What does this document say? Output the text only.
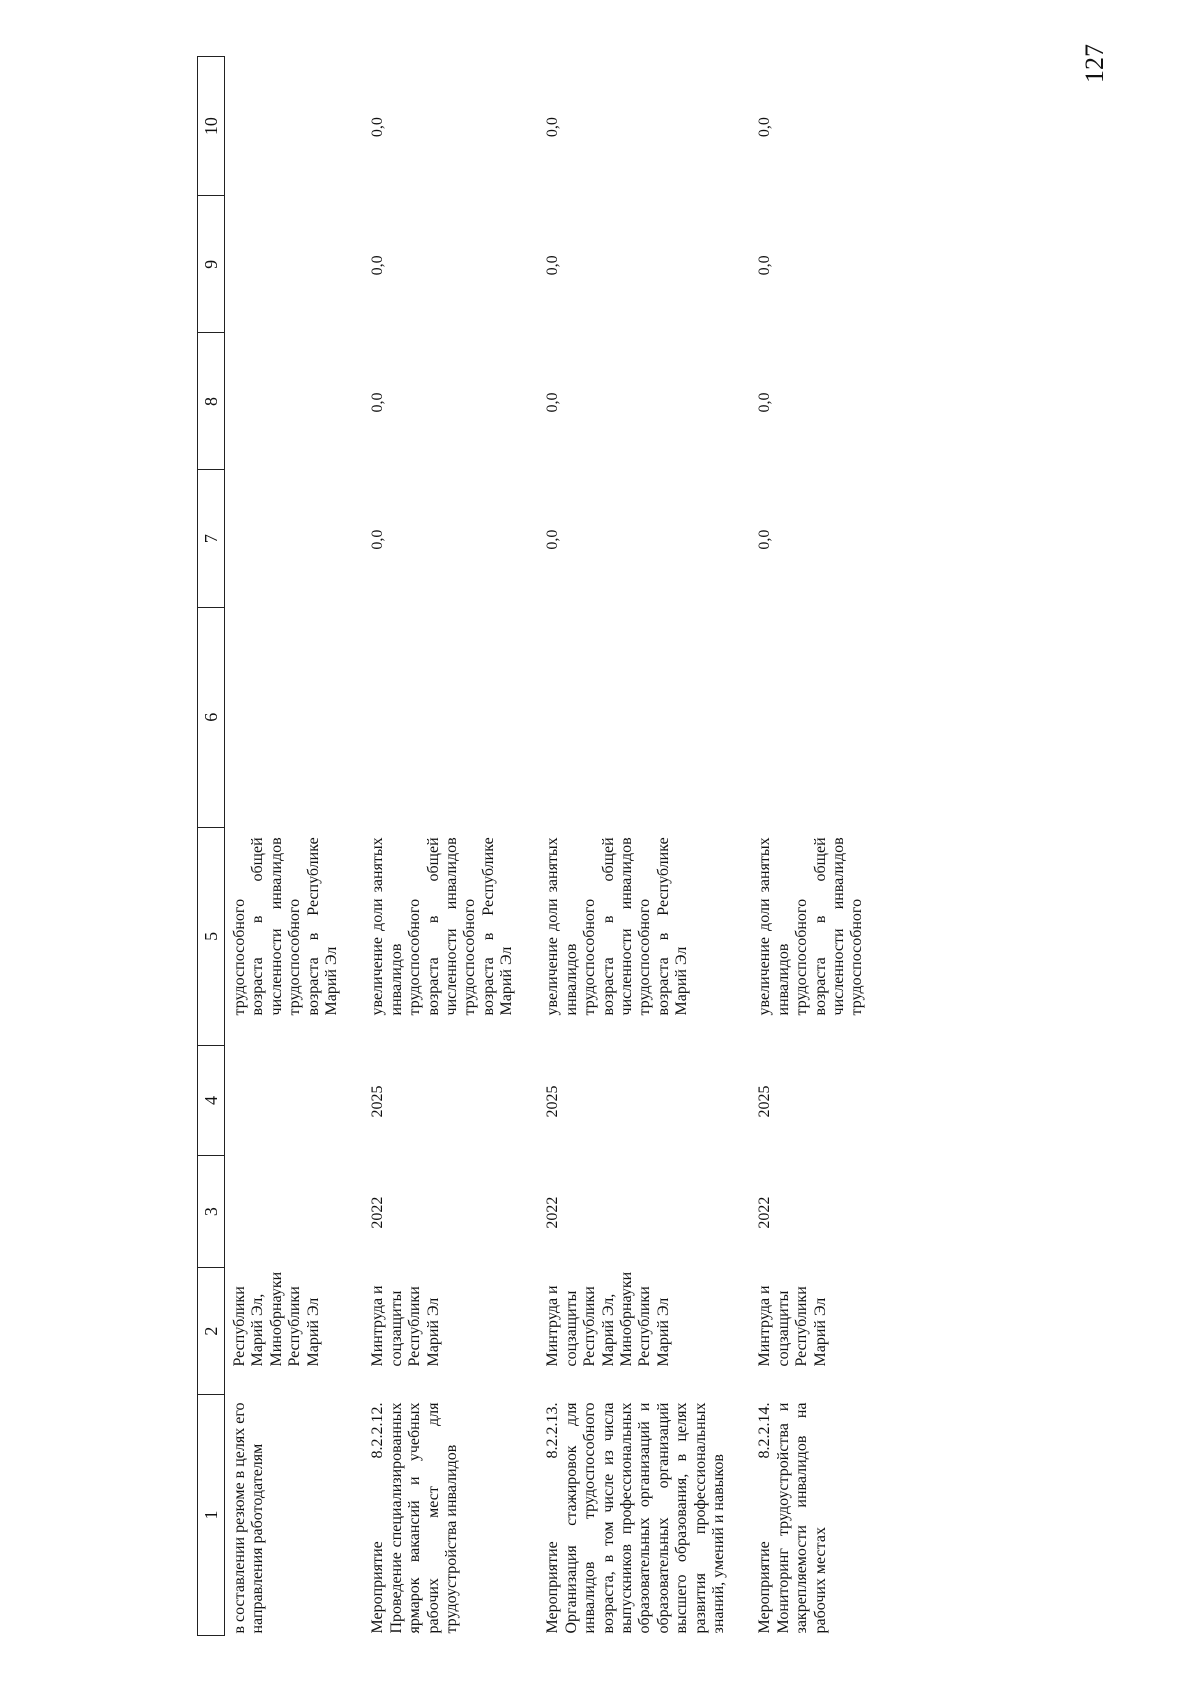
127
1	2	3	4	5	6	7	8	9	10
в составлении резюме в целях его направления работодателям	Республики Марий Эл, Минобрнауки Республики Марий Эл			трудоспособного возраста в общей численности инвалидов трудоспособного возраста в Республике Марий Эл					
Мероприятие 8.2.2.12. Проведение специализированных ярмарок вакансий и учебных рабочих мест для трудоустройства инвалидов	Минтруда и соцзащиты Республики Марий Эл	2022	2025	увеличение доли занятых инвалидов трудоспособного возраста в общей численности инвалидов трудоспособного возраста в Республике Марий Эл		0,0	0,0	0,0	0,0
Мероприятие 8.2.2.13. Организация стажировок для инвалидов трудоспособного возраста, в том числе из числа выпускников профессиональных образовательных организаций и образовательных организаций высшего образования, в целях развития профессиональных знаний, умений и навыков	Минтруда и соцзащиты Республики Марий Эл, Минобрнауки Республики Марий Эл	2022	2025	увеличение доли занятых инвалидов трудоспособного возраста в общей численности инвалидов трудоспособного возраста в Республике Марий Эл		0,0	0,0	0,0	0,0
Мероприятие 8.2.2.14. Мониторинг трудоустройства и закрепляемости инвалидов на рабочих местах	Минтруда и соцзащиты Республики Марий Эл	2022	2025	увеличение доли занятых инвалидов трудоспособного возраста в общей численности инвалидов трудоспособного		0,0	0,0	0,0	0,0
